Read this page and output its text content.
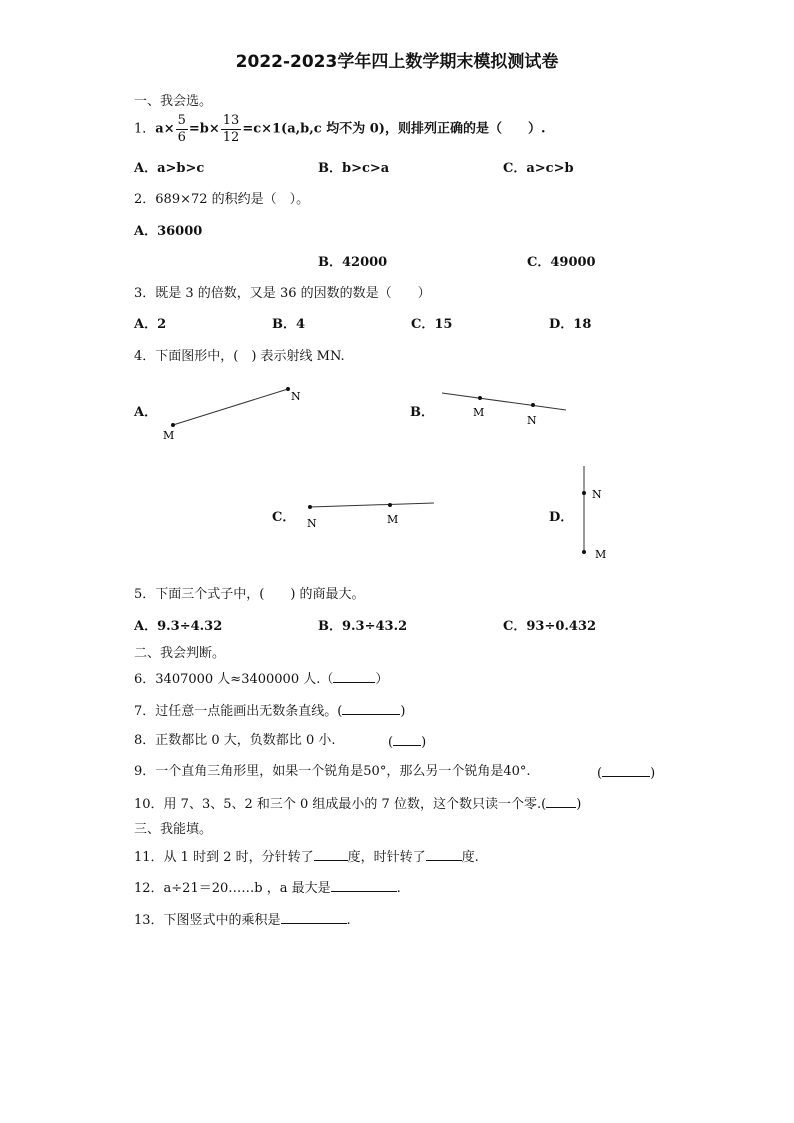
2022-2023学年四上数学期末模拟测试卷
一、我会选。
1．$a\times \frac{5}{6} =b\times \frac{13}{12} =c\times 1(a,b,c$ 均不为 0)，则排列正确的是（　　）.
A．a>b>c	B．b>c>a	C．a>c>b
2．689×72 的积约是（　）。
A．36000
B．42000	C．49000
3．既是 3 的倍数，又是 36 的因数的数是（　　）
A．2	B．4	C．15	D．18
4．下面图形中，(　) 表示射线 MN.
A．
M
N
B．	M
N
C． N	M	D．
N
M
5．下面三个式子中，(　　) 的商最大。
A．9.3÷4.32	B．9.3÷43.2	C．93÷0.432
二、我会判断。
6．3407000 人≈3400000 人.（	）
7．过任意一点能画出无数条直线。(	)
8．正数都比 0 大，负数都比 0 小.	( )
9．一个直角三角形里，如果一个锐角是50°，那么另一个锐角是40°.	(	)
10．用 7、3、5、2 和三个 0 组成最小的 7 位数，这个数只读一个零.( )
三、我能填。
11．从 1 时到 2 时，分针转了	度，时针转了	度.
12．a÷21＝20……b ，a 最大是	.
13．下图竖式中的乘积是	.
